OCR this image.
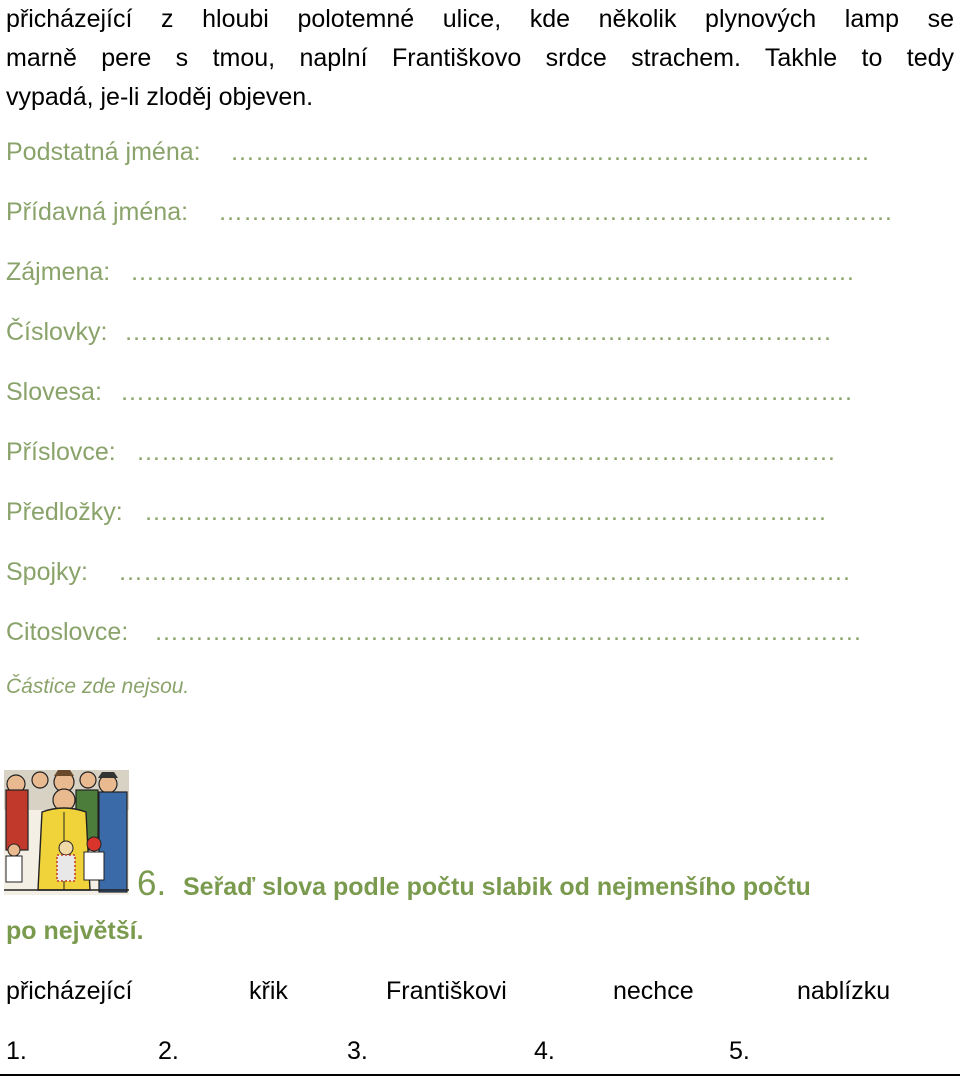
přicházející z hloubi polotemné ulice, kde několik plynových lamp se
marně pere s tmou, naplní Františkovo srdce strachem. Takhle to tedy
vypadá, je-li zloděj objeven.
Podstatná jména: …………………………………………………………………..
Přídavná jména: ………………………………………………………………………
Zájmena: ……………………………………………………………………………
Číslovky: ………………………………………………………………………….
Slovesa: …………………………………………………………………………….
Příslovce: …………………………………………………………………………
Předložky: ……………………………………………………………………….
Spojky: …………………………………………………………………………….
Citoslovce: ………………………………………………………………………….
Částice zde nejsou.
6. Seřaď slova podle počtu slabik od nejmenšího počtu
po největší.
přicházející	křik	Františkovi	nechce	nablízku
1.	2.	3.	4.	5.
